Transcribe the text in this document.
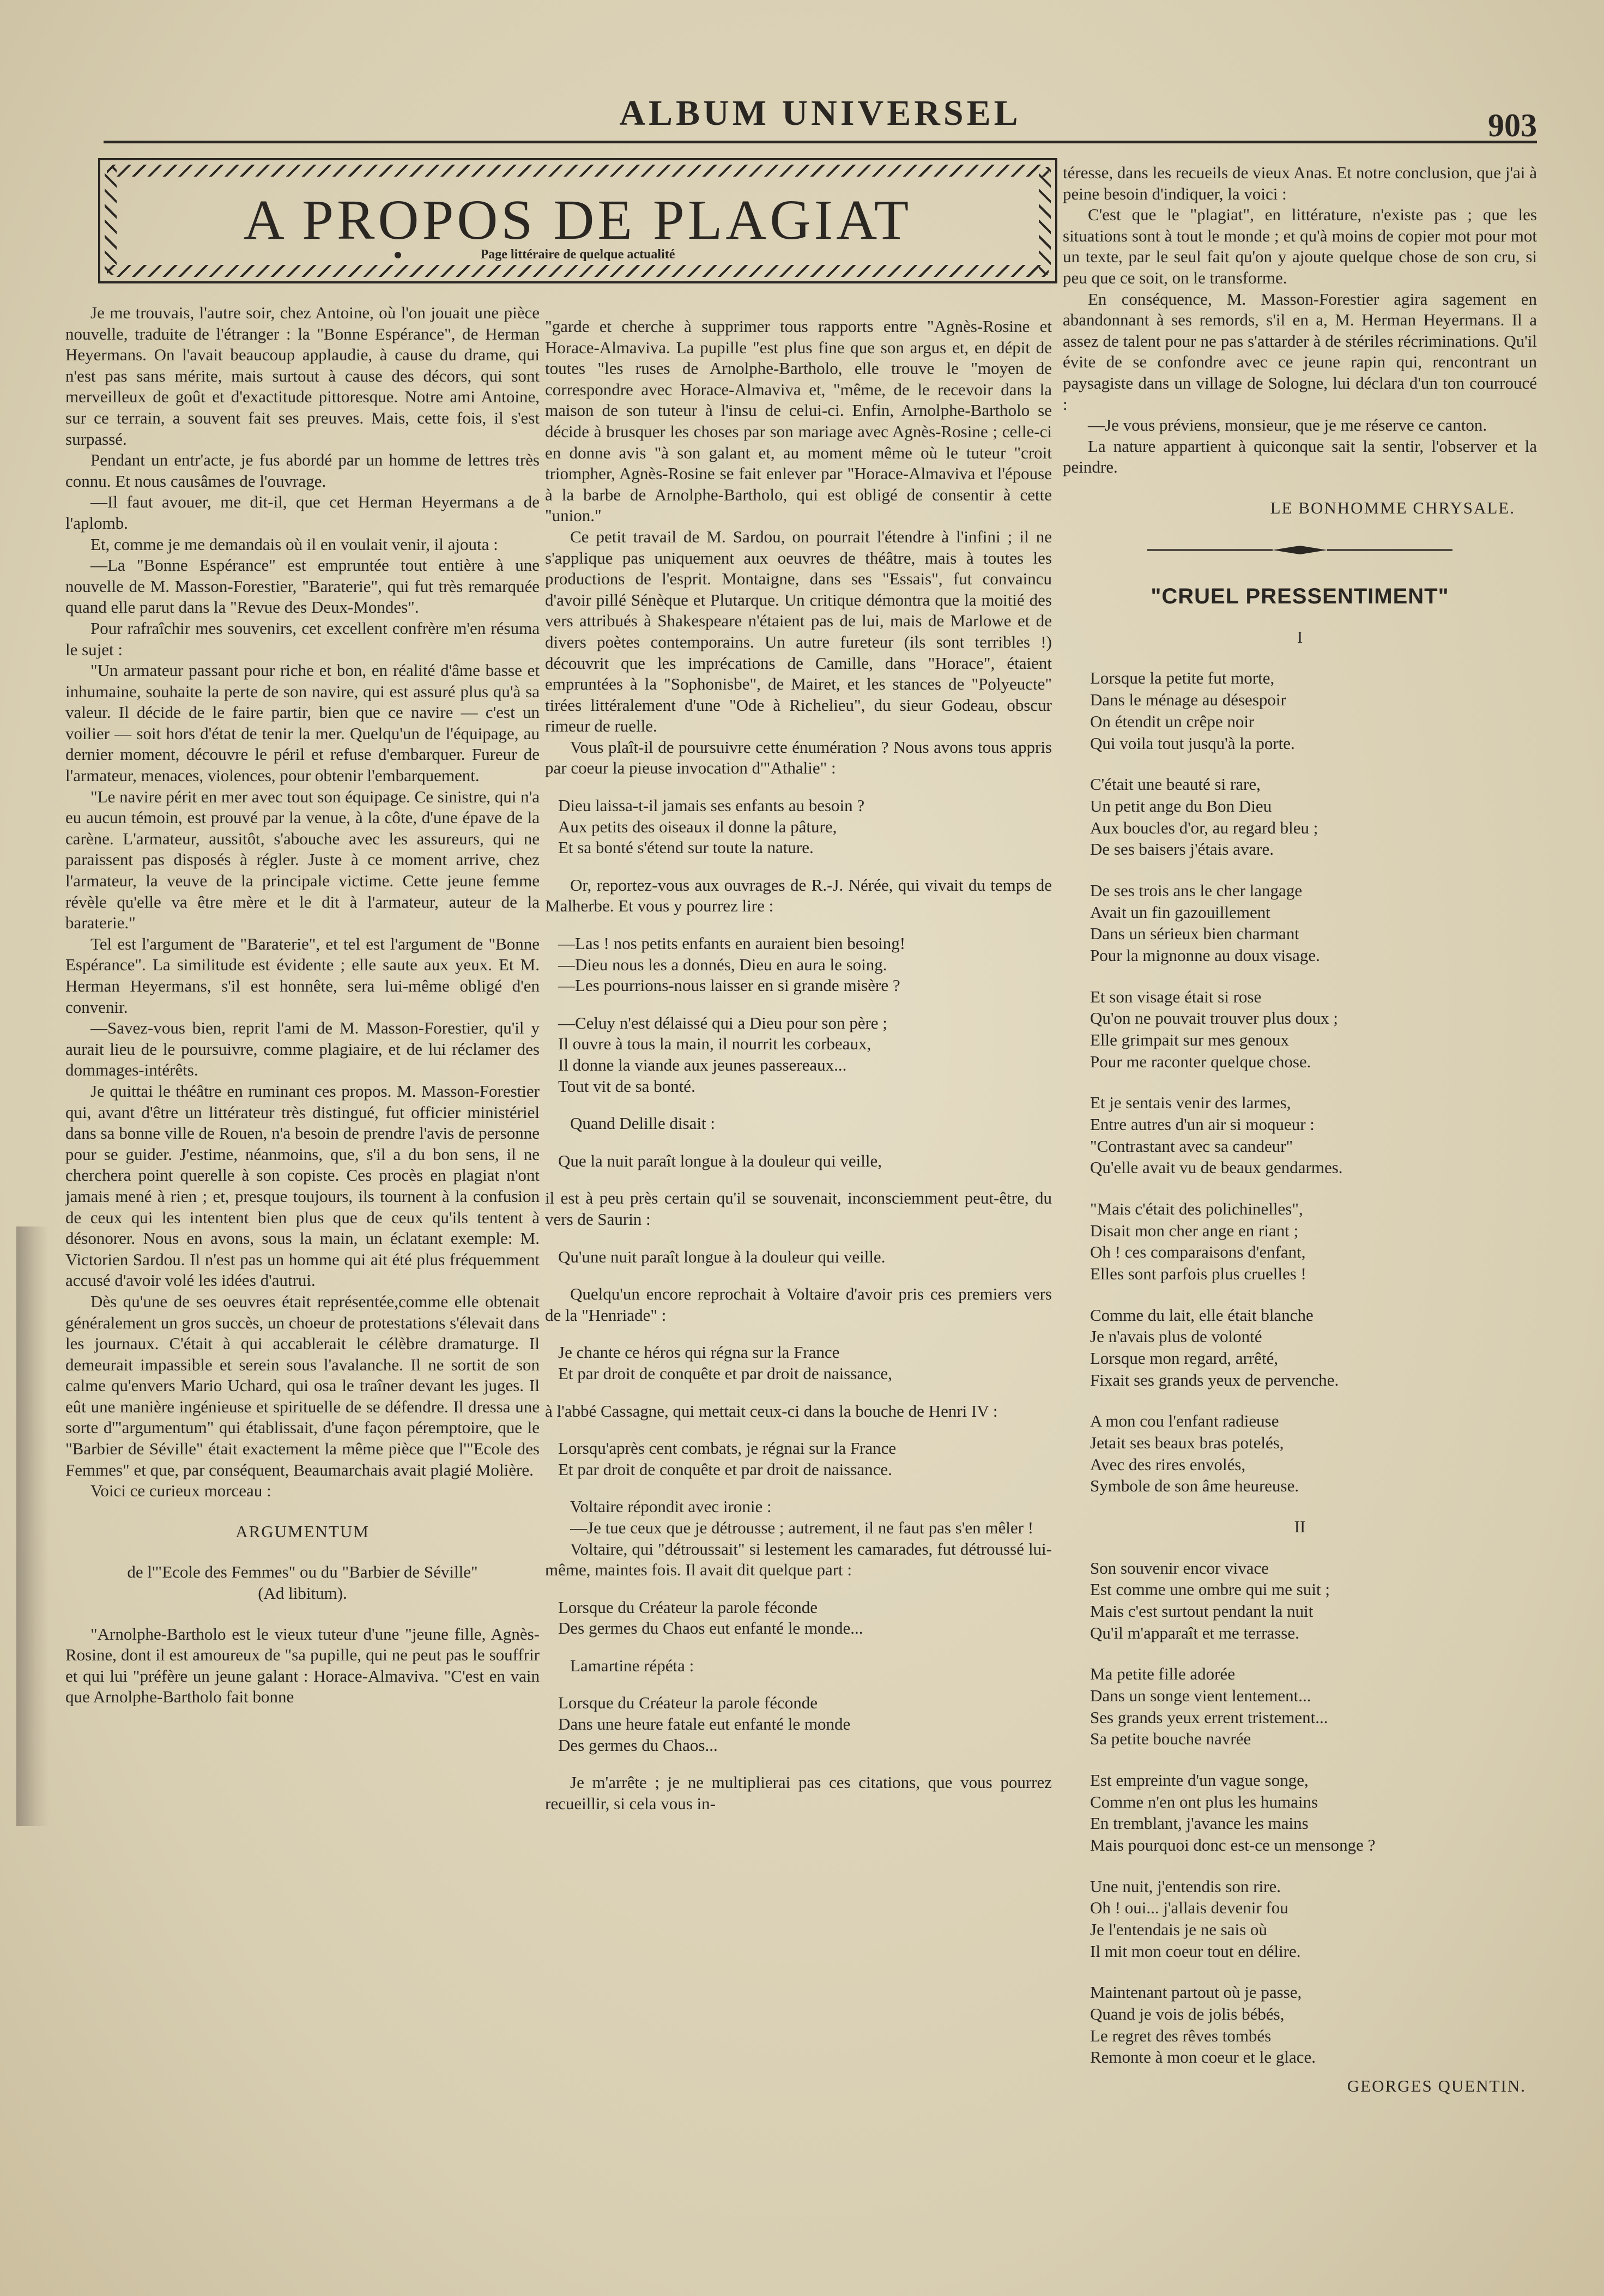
ALBUM UNIVERSEL	903
A PROPOS DE PLAGIAT
Page littéraire de quelque actualité

Je me trouvais, l'autre soir, chez Antoine, où l'on jouait une pièce nouvelle, traduite de l'étranger : la "Bonne Espérance", de Herman Heyermans. On l'avait beaucoup applaudie, à cause du drame, qui n'est pas sans mérite, mais surtout à cause des décors, qui sont merveilleux de goût et d'exactitude pittoresque. Notre ami Antoine, sur ce terrain, a souvent fait ses preuves. Mais, cette fois, il s'est surpassé.

Pendant un entr'acte, je fus abordé par un homme de lettres très connu. Et nous causâmes de l'ouvrage.

—Il faut avouer, me dit-il, que cet Herman Heyermans a de l'aplomb.

Et, comme je me demandais où il en voulait venir, il ajouta :

—La "Bonne Espérance" est empruntée tout entière à une nouvelle de M. Masson-Forestier, "Baraterie", qui fut très remarquée quand elle parut dans la "Revue des Deux-Mondes".

Pour rafraîchir mes souvenirs, cet excellent confrère m'en résuma le sujet :

"Un armateur passant pour riche et bon, en réalité d'âme basse et inhumaine, souhaite la perte de son navire, qui est assuré plus qu'à sa valeur. Il décide de le faire partir, bien que ce navire — c'est un voilier — soit hors d'état de tenir la mer. Quelqu'un de l'équipage, au dernier moment, découvre le péril et refuse d'embarquer. Fureur de l'armateur, menaces, violences, pour obtenir l'embarquement.

"Le navire périt en mer avec tout son équipage. Ce sinistre, qui n'a eu aucun témoin, est prouvé par la venue, à la côte, d'une épave de la carène. L'armateur, aussitôt, s'abouche avec les assureurs, qui ne paraissent pas disposés à régler. Juste à ce moment arrive, chez l'armateur, la veuve de la principale victime. Cette jeune femme révèle qu'elle va être mère et le dit à l'armateur, auteur de la baraterie."

Tel est l'argument de "Baraterie", et tel est l'argument de "Bonne Espérance". La similitude est évidente ; elle saute aux yeux. Et M. Herman Heyermans, s'il est honnête, sera lui-même obligé d'en convenir.

—Savez-vous bien, reprit l'ami de M. Masson-Forestier, qu'il y aurait lieu de le poursuivre, comme plagiaire, et de lui réclamer des dommages-intérêts.

Je quittai le théâtre en ruminant ces propos. M. Masson-Forestier qui, avant d'être un littérateur très distingué, fut officier ministériel dans sa bonne ville de Rouen, n'a besoin de prendre l'avis de personne pour se guider. J'estime, néanmoins, que, s'il a du bon sens, il ne cherchera point querelle à son copiste. Ces procès en plagiat n'ont jamais mené à rien ; et, presque toujours, ils tournent à la confusion de ceux qui les intentent bien plus que de ceux qu'ils tentent à désonorer. Nous en avons, sous la main, un éclatant exemple: M. Victorien Sardou. Il n'est pas un homme qui ait été plus fréquemment accusé d'avoir volé les idées d'autrui.

Dès qu'une de ses oeuvres était représentée,comme elle obtenait généralement un gros succès, un choeur de protestations s'élevait dans les journaux. C'était à qui accablerait le célèbre dramaturge. Il demeurait impassible et serein sous l'avalanche. Il ne sortit de son calme qu'envers Mario Uchard, qui osa le traîner devant les juges. Il eût une manière ingénieuse et spirituelle de se défendre. Il dressa une sorte d'"argumentum" qui établissait, d'une façon péremptoire, que le "Barbier de Séville" était exactement la même pièce que l'"Ecole des Femmes" et que, par conséquent, Beaumarchais avait plagié Molière.

Voici ce curieux morceau :

ARGUMENTUM

de l'"Ecole des Femmes" ou du "Barbier de Séville"

(Ad libitum).

"Arnolphe-Bartholo est le vieux tuteur d'une "jeune fille, Agnès-Rosine, dont il est amoureux de "sa pupille, qui ne peut pas le souffrir et qui lui "préfère un jeune galant : Horace-Almaviva. "C'est en vain que Arnolphe-Bartholo fait bonne

"garde et cherche à supprimer tous rapports entre "Agnès-Rosine et Horace-Almaviva. La pupille "est plus fine que son argus et, en dépit de toutes "les ruses de Arnolphe-Bartholo, elle trouve le "moyen de correspondre avec Horace-Almaviva et, "même, de le recevoir dans la maison de son tuteur à l'insu de celui-ci. Enfin, Arnolphe-Bartholo se décide à brusquer les choses par son mariage avec Agnès-Rosine ; celle-ci en donne avis "à son galant et, au moment même où le tuteur "croit triompher, Agnès-Rosine se fait enlever par "Horace-Almaviva et l'épouse à la barbe de Arnolphe-Bartholo, qui est obligé de consentir à cette "union."

Ce petit travail de M. Sardou, on pourrait l'étendre à l'infini ; il ne s'applique pas uniquement aux oeuvres de théâtre, mais à toutes les productions de l'esprit. Montaigne, dans ses "Essais", fut convaincu d'avoir pillé Sénèque et Plutarque. Un critique démontra que la moitié des vers attribués à Shakespeare n'étaient pas de lui, mais de Marlowe et de divers poètes contemporains. Un autre fureteur (ils sont terribles !) découvrit que les imprécations de Camille, dans "Horace", étaient empruntées à la "Sophonisbe", de Mairet, et les stances de "Polyeucte" tirées littéralement d'une "Ode à Richelieu", du sieur Godeau, obscur rimeur de ruelle.

Vous plaît-il de poursuivre cette énumération ? Nous avons tous appris par coeur la pieuse invocation d'"Athalie" :

Dieu laissa-t-il jamais ses enfants au besoin ?
Aux petits des oiseaux il donne la pâture,
Et sa bonté s'étend sur toute la nature.

Or, reportez-vous aux ouvrages de R.-J. Nérée, qui vivait du temps de Malherbe. Et vous y pourrez lire :

—Las ! nos petits enfants en auraient bien besoing!
—Dieu nous les a donnés, Dieu en aura le soing.
—Les pourrions-nous laisser en si grande misère ?
—Celuy n'est délaissé qui a Dieu pour son père ;
Il ouvre à tous la main, il nourrit les corbeaux,
Il donne la viande aux jeunes passereaux...
Tout vit de sa bonté.

Quand Delille disait :

Que la nuit paraît longue à la douleur qui veille,

il est à peu près certain qu'il se souvenait, inconsciemment peut-être, du vers de Saurin :

Qu'une nuit paraît longue à la douleur qui veille.

Quelqu'un encore reprochait à Voltaire d'avoir pris ces premiers vers de la "Henriade" :

Je chante ce héros qui régna sur la France
Et par droit de conquête et par droit de naissance,

à l'abbé Cassagne, qui mettait ceux-ci dans la bouche de Henri IV :

Lorsqu'après cent combats, je régnai sur la France
Et par droit de conquête et par droit de naissance.

Voltaire répondit avec ironie :

—Je tue ceux que je détrousse ; autrement, il ne faut pas s'en mêler !

Voltaire, qui "détroussait" si lestement les camarades, fut détroussé lui-même, maintes fois. Il avait dit quelque part :

Lorsque du Créateur la parole féconde
Des germes du Chaos eut enfanté le monde...

Lamartine répéta :

Lorsque du Créateur la parole féconde
Dans une heure fatale eut enfanté le monde
Des germes du Chaos...

Je m'arrête ; je ne multiplierai pas ces citations, que vous pourrez recueillir, si cela vous in-

téresse, dans les recueils de vieux Anas. Et notre conclusion, que j'ai à peine besoin d'indiquer, la voici :

C'est que le "plagiat", en littérature, n'existe pas ; que les situations sont à tout le monde ; et qu'à moins de copier mot pour mot un texte, par le seul fait qu'on y ajoute quelque chose de son cru, si peu que ce soit, on le transforme.

En conséquence, M. Masson-Forestier agira sagement en abandonnant à ses remords, s'il en a, M. Herman Heyermans. Il a assez de talent pour ne pas s'attarder à de stériles récriminations. Qu'il évite de se confondre avec ce jeune rapin qui, rencontrant un paysagiste dans un village de Sologne, lui déclara d'un ton courroucé :

—Je vous préviens, monsieur, que je me réserve ce canton.

La nature appartient à quiconque sait la sentir, l'observer et la peindre.

LE BONHOMME CHRYSALE.

"CRUEL PRESSENTIMENT"
I
Lorsque la petite fut morte,
Dans le ménage au désespoir
On étendit un crêpe noir
Qui voila tout jusqu'à la porte.
C'était une beauté si rare,
Un petit ange du Bon Dieu
Aux boucles d'or, au regard bleu ;
De ses baisers j'étais avare.
De ses trois ans le cher langage
Avait un fin gazouillement
Dans un sérieux bien charmant
Pour la mignonne au doux visage.
Et son visage était si rose
Qu'on ne pouvait trouver plus doux ;
Elle grimpait sur mes genoux
Pour me raconter quelque chose.
Et je sentais venir des larmes,
Entre autres d'un air si moqueur :
"Contrastant avec sa candeur"
Qu'elle avait vu de beaux gendarmes.
"Mais c'était des polichinelles",
Disait mon cher ange en riant ;
Oh ! ces comparaisons d'enfant,
Elles sont parfois plus cruelles !
Comme du lait, elle était blanche
Je n'avais plus de volonté
Lorsque mon regard, arrêté,
Fixait ses grands yeux de pervenche.
A mon cou l'enfant radieuse
Jetait ses beaux bras potelés,
Avec des rires envolés,
Symbole de son âme heureuse.
II
Son souvenir encor vivace
Est comme une ombre qui me suit ;
Mais c'est surtout pendant la nuit
Qu'il m'apparaît et me terrasse.
Ma petite fille adorée
Dans un songe vient lentement...
Ses grands yeux errent tristement...
Sa petite bouche navrée
Est empreinte d'un vague songe,
Comme n'en ont plus les humains
En tremblant, j'avance les mains
Mais pourquoi donc est-ce un mensonge ?
Une nuit, j'entendis son rire.
Oh ! oui... j'allais devenir fou
Je l'entendais je ne sais où
Il mit mon coeur tout en délire.
Maintenant partout où je passe,
Quand je vois de jolis bébés,
Le regret des rêves tombés
Remonte à mon coeur et le glace.

GEORGES QUENTIN.
